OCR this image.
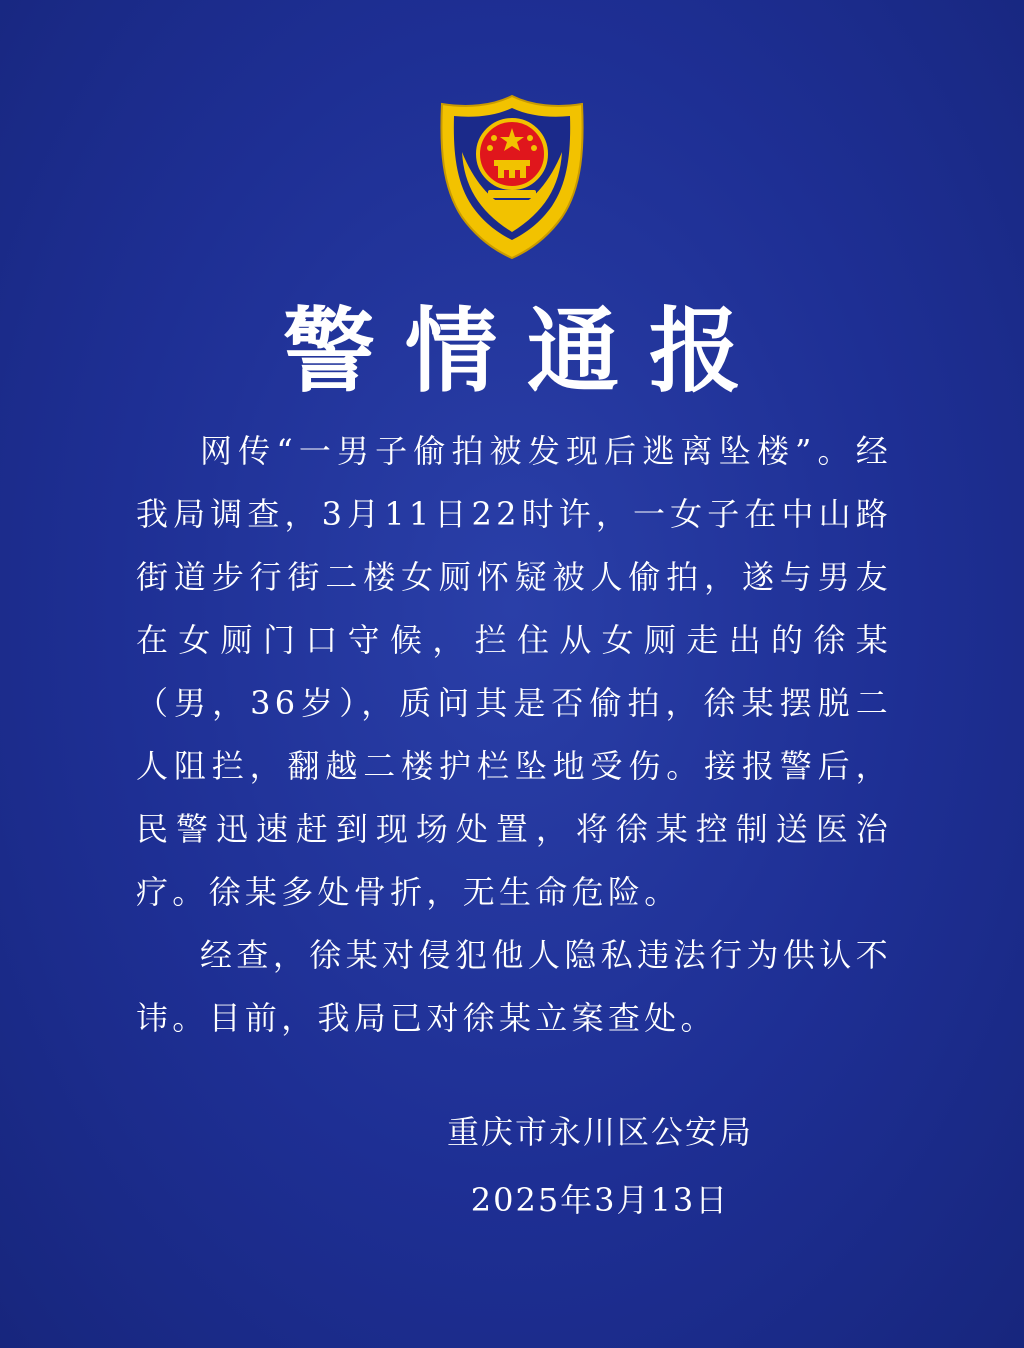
警情通报

网传“一男子偷拍被发现后逃离坠楼”。经我局调查，3月11日22时许，一女子在中山路街道步行街二楼女厕怀疑被人偷拍，遂与男友在女厕门口守候，拦住从女厕走出的徐某（男，36岁），质问其是否偷拍，徐某摆脱二人阻拦，翻越二楼护栏坠地受伤。接报警后，民警迅速赶到现场处置，将徐某控制送医治疗。徐某多处骨折，无生命危险。

经查，徐某对侵犯他人隐私违法行为供认不讳。目前，我局已对徐某立案查处。

重庆市永川区公安局
2025年3月13日
